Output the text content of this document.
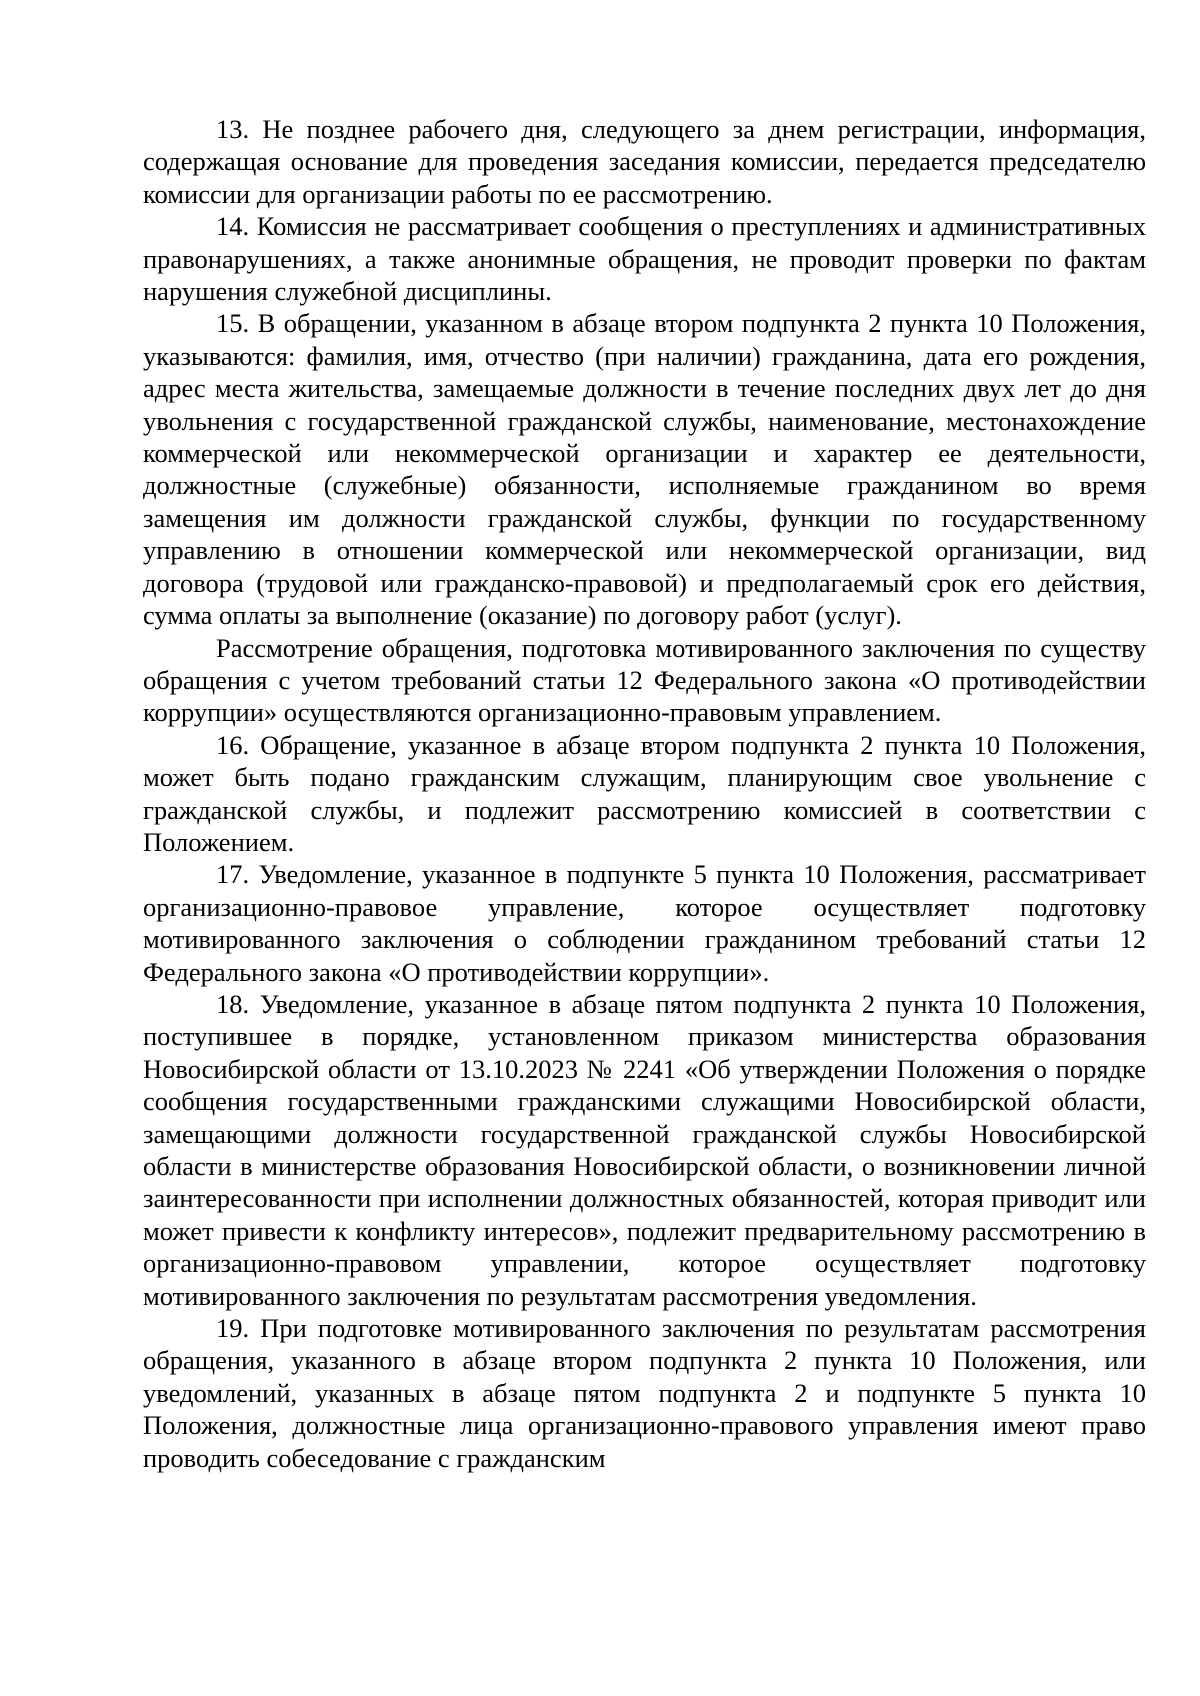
13. Не позднее рабочего дня, следующего за днем регистрации, информация, содержащая основание для проведения заседания комиссии, передается председателю комиссии для организации работы по ее рассмотрению.

14. Комиссия не рассматривает сообщения о преступлениях и административных правонарушениях, а также анонимные обращения, не проводит проверки по фактам нарушения служебной дисциплины.

15. В обращении, указанном в абзаце втором подпункта 2 пункта 10 Положения, указываются: фамилия, имя, отчество (при наличии) гражданина, дата его рождения, адрес места жительства, замещаемые должности в течение последних двух лет до дня увольнения с государственной гражданской службы, наименование, местонахождение коммерческой или некоммерческой организации и характер ее деятельности, должностные (служебные) обязанности, исполняемые гражданином во время замещения им должности гражданской службы, функции по государственному управлению в отношении коммерческой или некоммерческой организации, вид договора (трудовой или гражданско-правовой) и предполагаемый срок его действия, сумма оплаты за выполнение (оказание) по договору работ (услуг).

Рассмотрение обращения, подготовка мотивированного заключения по существу обращения с учетом требований статьи 12 Федерального закона «О противодействии коррупции» осуществляются организационно-правовым управлением.

16. Обращение, указанное в абзаце втором подпункта 2 пункта 10 Положения, может быть подано гражданским служащим, планирующим свое увольнение с гражданской службы, и подлежит рассмотрению комиссией в соответствии с Положением.

17. Уведомление, указанное в подпункте 5 пункта 10 Положения, рассматривает организационно-правовое управление, которое осуществляет подготовку мотивированного заключения о соблюдении гражданином требований статьи 12 Федерального закона «О противодействии коррупции».

18. Уведомление, указанное в абзаце пятом подпункта 2 пункта 10 Положения, поступившее в порядке, установленном приказом министерства образования Новосибирской области от 13.10.2023 № 2241 «Об утверждении Положения о порядке сообщения государственными гражданскими служащими Новосибирской области, замещающими должности государственной гражданской службы Новосибирской области в министерстве образования Новосибирской области, о возникновении личной заинтересованности при исполнении должностных обязанностей, которая приводит или может привести к конфликту интересов», подлежит предварительному рассмотрению в организационно-правовом управлении, которое осуществляет подготовку мотивированного заключения по результатам рассмотрения уведомления.

19. При подготовке мотивированного заключения по результатам рассмотрения обращения, указанного в абзаце втором подпункта 2 пункта 10 Положения, или уведомлений, указанных в абзаце пятом подпункта 2 и подпункте 5 пункта 10 Положения, должностные лица организационно-правового управления имеют право проводить собеседование с гражданским
